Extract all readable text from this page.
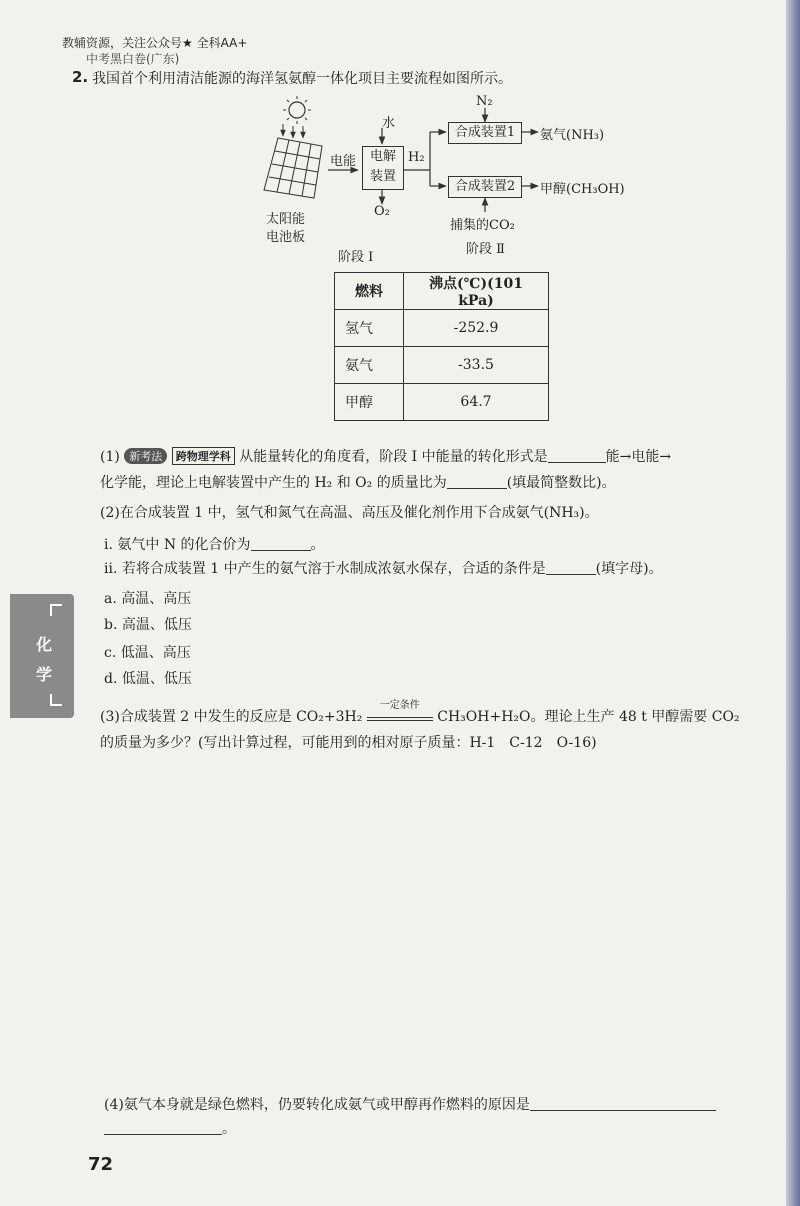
教辅资源，关注公众号★ 全科AA+
中考黑白卷(广东)
2. 我国首个利用清洁能源的海洋氢氨醇一体化项目主要流程如图所示。
水
电能	电解
装置
H₂
O₂
N₂
合成装置1
合成装置2
氨气(NH₃)
甲醇(CH₃OH)
捕集的CO₂
太阳能
电池板
阶段 Ⅰ
阶段 Ⅱ
燃料	沸点(℃)(101 kPa)
氢气	-252.9
氨气	-33.5
甲醇	64.7
(1) 新考法 跨物理学科 从能量转化的角度看，阶段 Ⅰ 中能量的转化形式是	能→电能→
化学能，理论上电解装置中产生的 H₂ 和 O₂ 的质量比为	(填最简整数比)。
(2)在合成装置 1 中，氢气和氮气在高温、高压及催化剂作用下合成氨气(NH₃)。
ⅰ. 氨气中 N 的化合价为	。
ⅱ. 若将合成装置 1 中产生的氨气溶于水制成浓氨水保存，合适的条件是	(填字母)。
a. 高温、高压
b. 高温、低压
c. 低温、高压
d. 低温、低压
(3)合成装置 2 中发生的反应是 CO₂+3H₂
一定条件
CH₃OH+H₂O。理论上生产 48 t 甲醇需要 CO₂
的质量为多少？(写出计算过程，可能用到的相对原子质量：H-1　C-12　O-16)
(4)氨气本身就是绿色燃料，仍要转化成氨气或甲醇再作燃料的原因是
。
化
学
72
